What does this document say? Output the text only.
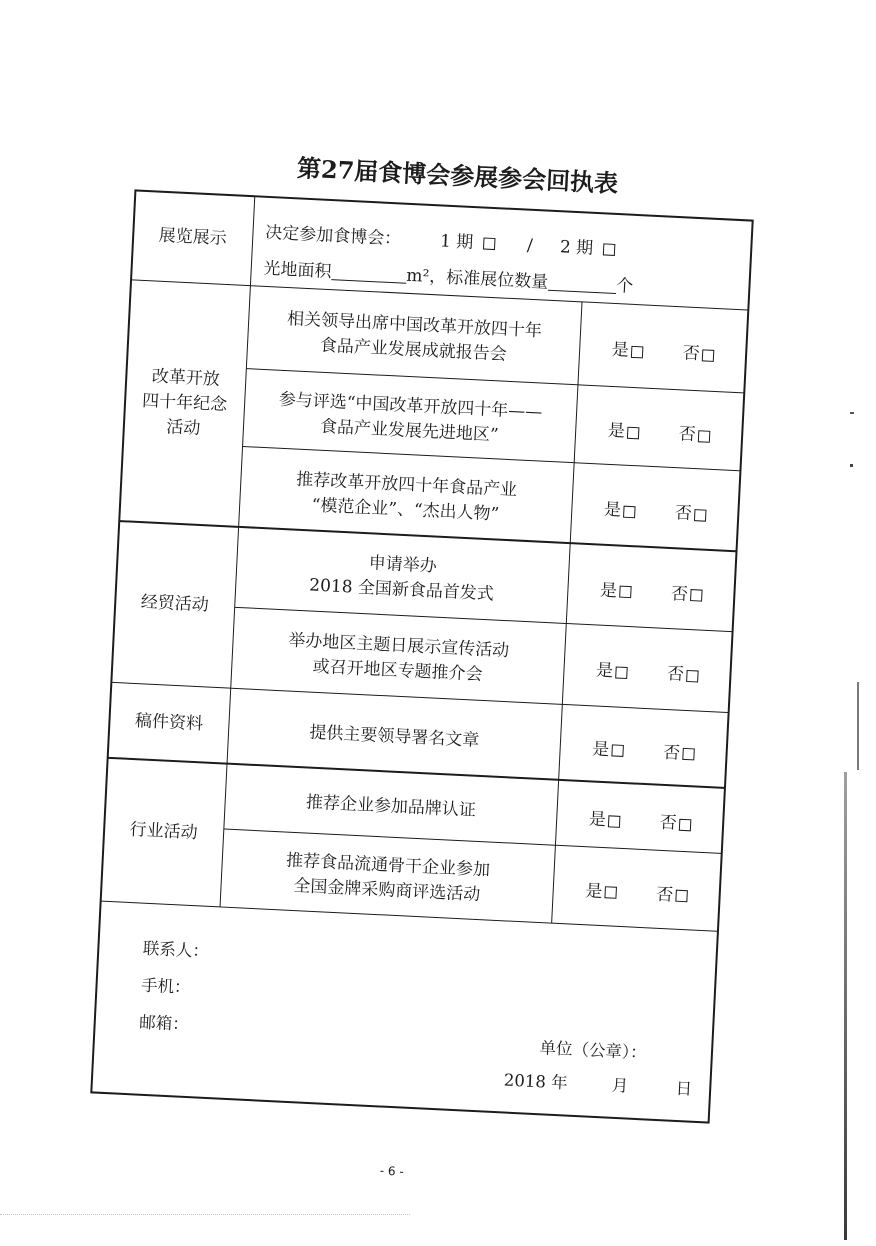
第27届食博会参展参会回执表
展览展示 决定参加食博会： 1 期	/ 2 期
光地面积	m²，标准展位数量	个
改革开放
四十年纪念
活动
相关领导出席中国改革开放四十年
食品产业发展成就报告会	是	否
参与评选“中国改革开放四十年——
食品产业发展先进地区”	是	否
推荐改革开放四十年食品产业
“模范企业”、“杰出人物”	是	否
经贸活动
申请举办
2018 全国新食品首发式	是	否
举办地区主题日展示宣传活动
或召开地区专题推介会	是	否
稿件资料	提供主要领导署名文章	是	否
行业活动
推荐企业参加品牌认证	是	否
推荐食品流通骨干企业参加
全国金牌采购商评选活动	是	否
联系人：
手机：
邮箱：
单位（公章）：
2018 年	月	日
- 6 -
